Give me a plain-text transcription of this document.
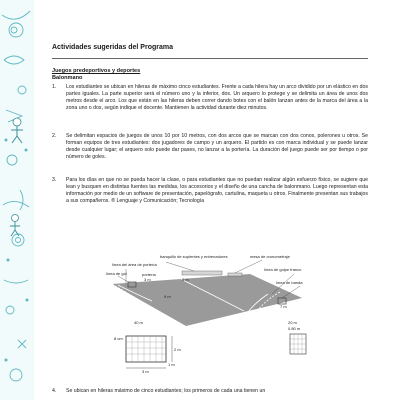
Actividades sugeridas del Programa
Juegos predeportivos y deportes
Balonmano
1. Los estudiantes se ubican en hileras de máximo cinco estudiantes. Frente a cada hilera hay un arco dividido por un elástico en dos partes iguales. La parte superior será el número uno y la inferior, dos. Un arquero lo protege y se delimita un área de unos dos metros desde el arco. Los que están en las hileras deben correr dando botes con el balón lanzan antes de la marca del área a la zona uno o dos, según indique el docente. Mantienen la actividad durante diez minutos.
2. Se delimitan espacios de juegos de unos 10 por 10 metros, con dos arcos que se marcan con dos conos, polerones u otros. Se forman equipos de tres estudiantes: dos jugadores de campo y un arquero. El partido es con marca individual y se puede lanzar desde cualquier lugar; el arquero solo puede dar pases, no lanzar a la portería. La duración del juego puede ser por tiempo o por número de goles.
3. Para los días en que no se pueda hacer la clase, o para estudiantes que no puedan realizar algún esfuerzo físico, se sugiere que lean y busquen en distintas fuentes las medidas, los accesorios y el diseño de una cancha de balonmano. Luego representan esta información por medio de un software de presentación, papelógrafo, cartulina, maqueta u otros. Finalmente presentan sus trabajos a sus compañeros. ® Lenguaje y Comunicación; Tecnología
4. Se ubican en hileras máximo de cinco estudiantes; los primeros de cada una tienen un
banquillo de suplentes y entrenadores	mesa de cronometraje
línea del área de portería
línea de golpe franco
línea de gol	portería
línea de banda
3 m	6 m
40 m	20 m
7 m
9 m
3 m
2 m
1 m
8 cm
0.80 m
